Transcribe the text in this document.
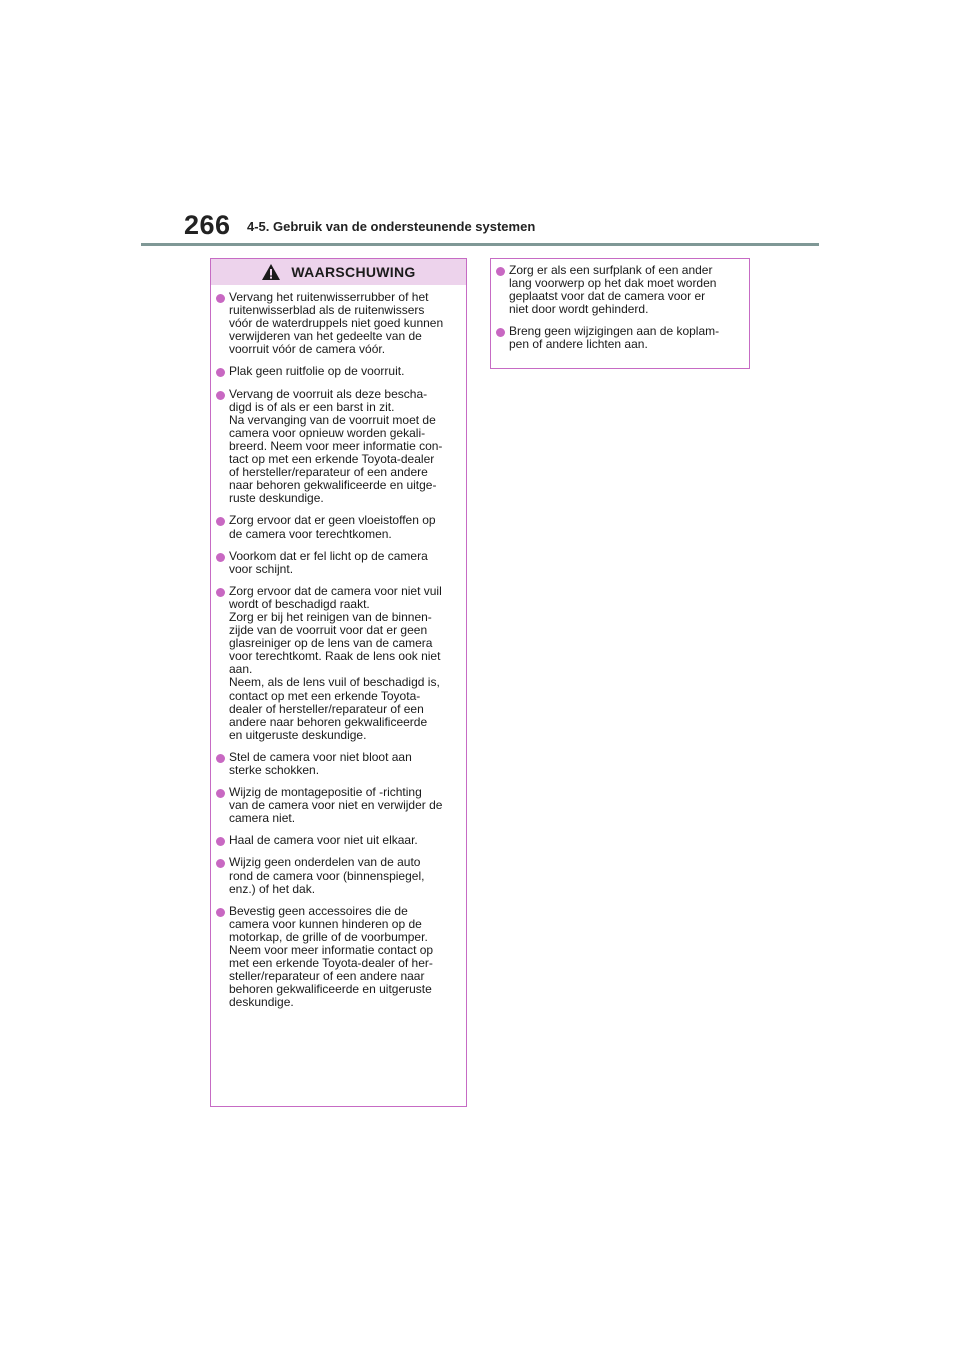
266 4-5. Gebruik van de ondersteunende systemen
WAARSCHUWING
Vervang het ruitenwisserrubber of het
ruitenwisserblad als de ruitenwissers
vóór de waterdruppels niet goed kunnen
verwijderen van het gedeelte van de
voorruit vóór de camera vóór.
Plak geen ruitfolie op de voorruit.
Vervang de voorruit als deze bescha-
digd is of als er een barst in zit.
Na vervanging van de voorruit moet de
camera voor opnieuw worden gekali-
breerd. Neem voor meer informatie con-
tact op met een erkende Toyota-dealer
of hersteller/reparateur of een andere
naar behoren gekwalificeerde en uitge-
ruste deskundige.
Zorg ervoor dat er geen vloeistoffen op
de camera voor terechtkomen.
Voorkom dat er fel licht op de camera
voor schijnt.
Zorg ervoor dat de camera voor niet vuil
wordt of beschadigd raakt.
Zorg er bij het reinigen van de binnen-
zijde van de voorruit voor dat er geen
glasreiniger op de lens van de camera
voor terechtkomt. Raak de lens ook niet
aan.
Neem, als de lens vuil of beschadigd is,
contact op met een erkende Toyota-
dealer of hersteller/reparateur of een
andere naar behoren gekwalificeerde
en uitgeruste deskundige.
Stel de camera voor niet bloot aan
sterke schokken.
Wijzig de montagepositie of -richting
van de camera voor niet en verwijder de
camera niet.
Haal de camera voor niet uit elkaar.
Wijzig geen onderdelen van de auto
rond de camera voor (binnenspiegel,
enz.) of het dak.
Bevestig geen accessoires die de
camera voor kunnen hinderen op de
motorkap, de grille of de voorbumper.
Neem voor meer informatie contact op
met een erkende Toyota-dealer of her-
steller/reparateur of een andere naar
behoren gekwalificeerde en uitgeruste
deskundige.
Zorg er als een surfplank of een ander
lang voorwerp op het dak moet worden
geplaatst voor dat de camera voor er
niet door wordt gehinderd.
Breng geen wijzigingen aan de koplam-
pen of andere lichten aan.
